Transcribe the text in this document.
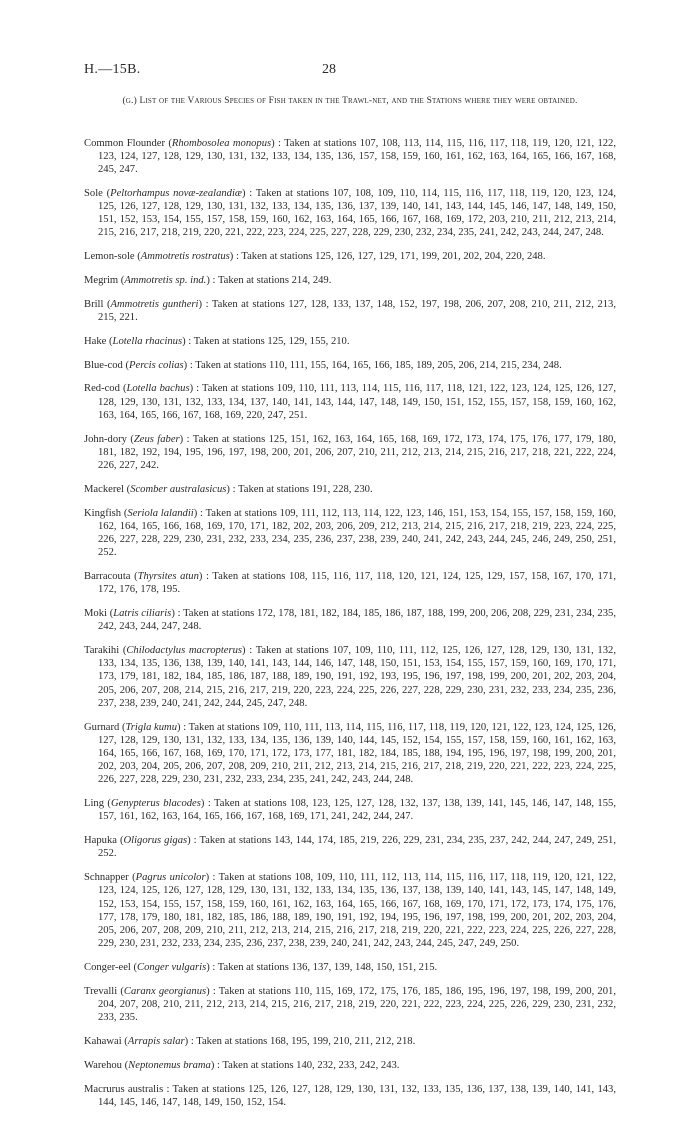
H.—15B.	28
(g.) List of the Various Species of Fish taken in the Trawl-net, and the Stations where they were obtained.

Common Flounder (Rhombosolea monopus) : Taken at stations 107, 108, 113, 114, 115, 116, 117, 118, 119, 120, 121, 122, 123, 124, 127, 128, 129, 130, 131, 132, 133, 134, 135, 136, 157, 158, 159, 160, 161, 162, 163, 164, 165, 166, 167, 168, 245, 247.

Sole (Peltorhampus novæ-zealandiæ) : Taken at stations 107, 108, 109, 110, 114, 115, 116, 117, 118, 119, 120, 123, 124, 125, 126, 127, 128, 129, 130, 131, 132, 133, 134, 135, 136, 137, 139, 140, 141, 143, 144, 145, 146, 147, 148, 149, 150, 151, 152, 153, 154, 155, 157, 158, 159, 160, 162, 163, 164, 165, 166, 167, 168, 169, 172, 203, 210, 211, 212, 213, 214, 215, 216, 217, 218, 219, 220, 221, 222, 223, 224, 225, 227, 228, 229, 230, 232, 234, 235, 241, 242, 243, 244, 247, 248.

Lemon-sole (Ammotretis rostratus) : Taken at stations 125, 126, 127, 129, 171, 199, 201, 202, 204, 220, 248.

Megrim (Ammotretis sp. ind.) : Taken at stations 214, 249.

Brill (Ammotretis guntheri) : Taken at stations 127, 128, 133, 137, 148, 152, 197, 198, 206, 207, 208, 210, 211, 212, 213, 215, 221.

Hake (Lotella rhacinus) : Taken at stations 125, 129, 155, 210.

Blue-cod (Percis colias) : Taken at stations 110, 111, 155, 164, 165, 166, 185, 189, 205, 206, 214, 215, 234, 248.

Red-cod (Lotella bachus) : Taken at stations 109, 110, 111, 113, 114, 115, 116, 117, 118, 121, 122, 123, 124, 125, 126, 127, 128, 129, 130, 131, 132, 133, 134, 137, 140, 141, 143, 144, 147, 148, 149, 150, 151, 152, 155, 157, 158, 159, 160, 162, 163, 164, 165, 166, 167, 168, 169, 220, 247, 251.

John-dory (Zeus faber) : Taken at stations 125, 151, 162, 163, 164, 165, 168, 169, 172, 173, 174, 175, 176, 177, 179, 180, 181, 182, 192, 194, 195, 196, 197, 198, 200, 201, 206, 207, 210, 211, 212, 213, 214, 215, 216, 217, 218, 221, 222, 224, 226, 227, 242.

Mackerel (Scomber australasicus) : Taken at stations 191, 228, 230.

Kingfish (Seriola lalandii) : Taken at stations 109, 111, 112, 113, 114, 122, 123, 146, 151, 153, 154, 155, 157, 158, 159, 160, 162, 164, 165, 166, 168, 169, 170, 171, 182, 202, 203, 206, 209, 212, 213, 214, 215, 216, 217, 218, 219, 223, 224, 225, 226, 227, 228, 229, 230, 231, 232, 233, 234, 235, 236, 237, 238, 239, 240, 241, 242, 243, 244, 245, 246, 249, 250, 251, 252.

Barracouta (Thyrsites atun) : Taken at stations 108, 115, 116, 117, 118, 120, 121, 124, 125, 129, 157, 158, 167, 170, 171, 172, 176, 178, 195.

Moki (Latris ciliaris) : Taken at stations 172, 178, 181, 182, 184, 185, 186, 187, 188, 199, 200, 206, 208, 229, 231, 234, 235, 242, 243, 244, 247, 248.

Tarakihi (Chilodactylus macropterus) : Taken at stations 107, 109, 110, 111, 112, 125, 126, 127, 128, 129, 130, 131, 132, 133, 134, 135, 136, 138, 139, 140, 141, 143, 144, 146, 147, 148, 150, 151, 153, 154, 155, 157, 159, 160, 169, 170, 171, 173, 179, 181, 182, 184, 185, 186, 187, 188, 189, 190, 191, 192, 193, 195, 196, 197, 198, 199, 200, 201, 202, 203, 204, 205, 206, 207, 208, 214, 215, 216, 217, 219, 220, 223, 224, 225, 226, 227, 228, 229, 230, 231, 232, 233, 234, 235, 236, 237, 238, 239, 240, 241, 242, 244, 245, 247, 248.

Gurnard (Trigla kumu) : Taken at stations 109, 110, 111, 113, 114, 115, 116, 117, 118, 119, 120, 121, 122, 123, 124, 125, 126, 127, 128, 129, 130, 131, 132, 133, 134, 135, 136, 139, 140, 144, 145, 152, 154, 155, 157, 158, 159, 160, 161, 162, 163, 164, 165, 166, 167, 168, 169, 170, 171, 172, 173, 177, 181, 182, 184, 185, 188, 194, 195, 196, 197, 198, 199, 200, 201, 202, 203, 204, 205, 206, 207, 208, 209, 210, 211, 212, 213, 214, 215, 216, 217, 218, 219, 220, 221, 222, 223, 224, 225, 226, 227, 228, 229, 230, 231, 232, 233, 234, 235, 241, 242, 243, 244, 248.

Ling (Genypterus blacodes) : Taken at stations 108, 123, 125, 127, 128, 132, 137, 138, 139, 141, 145, 146, 147, 148, 155, 157, 161, 162, 163, 164, 165, 166, 167, 168, 169, 171, 241, 242, 244, 247.

Hapuka (Oligorus gigas) : Taken at stations 143, 144, 174, 185, 219, 226, 229, 231, 234, 235, 237, 242, 244, 247, 249, 251, 252.

Schnapper (Pagrus unicolor) : Taken at stations 108, 109, 110, 111, 112, 113, 114, 115, 116, 117, 118, 119, 120, 121, 122, 123, 124, 125, 126, 127, 128, 129, 130, 131, 132, 133, 134, 135, 136, 137, 138, 139, 140, 141, 143, 145, 147, 148, 149, 152, 153, 154, 155, 157, 158, 159, 160, 161, 162, 163, 164, 165, 166, 167, 168, 169, 170, 171, 172, 173, 174, 175, 176, 177, 178, 179, 180, 181, 182, 185, 186, 188, 189, 190, 191, 192, 194, 195, 196, 197, 198, 199, 200, 201, 202, 203, 204, 205, 206, 207, 208, 209, 210, 211, 212, 213, 214, 215, 216, 217, 218, 219, 220, 221, 222, 223, 224, 225, 226, 227, 228, 229, 230, 231, 232, 233, 234, 235, 236, 237, 238, 239, 240, 241, 242, 243, 244, 245, 247, 249, 250.

Conger-eel (Conger vulgaris) : Taken at stations 136, 137, 139, 148, 150, 151, 215.

Trevalli (Caranx georgianus) : Taken at stations 110, 115, 169, 172, 175, 176, 185, 186, 195, 196, 197, 198, 199, 200, 201, 204, 207, 208, 210, 211, 212, 213, 214, 215, 216, 217, 218, 219, 220, 221, 222, 223, 224, 225, 226, 229, 230, 231, 232, 233, 235.

Kahawai (Arrapis salar) : Taken at stations 168, 195, 199, 210, 211, 212, 218.

Warehou (Neptonemus brama) : Taken at stations 140, 232, 233, 242, 243.

Macrurus australis : Taken at stations 125, 126, 127, 128, 129, 130, 131, 132, 133, 135, 136, 137, 138, 139, 140, 141, 143, 144, 145, 146, 147, 148, 149, 150, 152, 154.
